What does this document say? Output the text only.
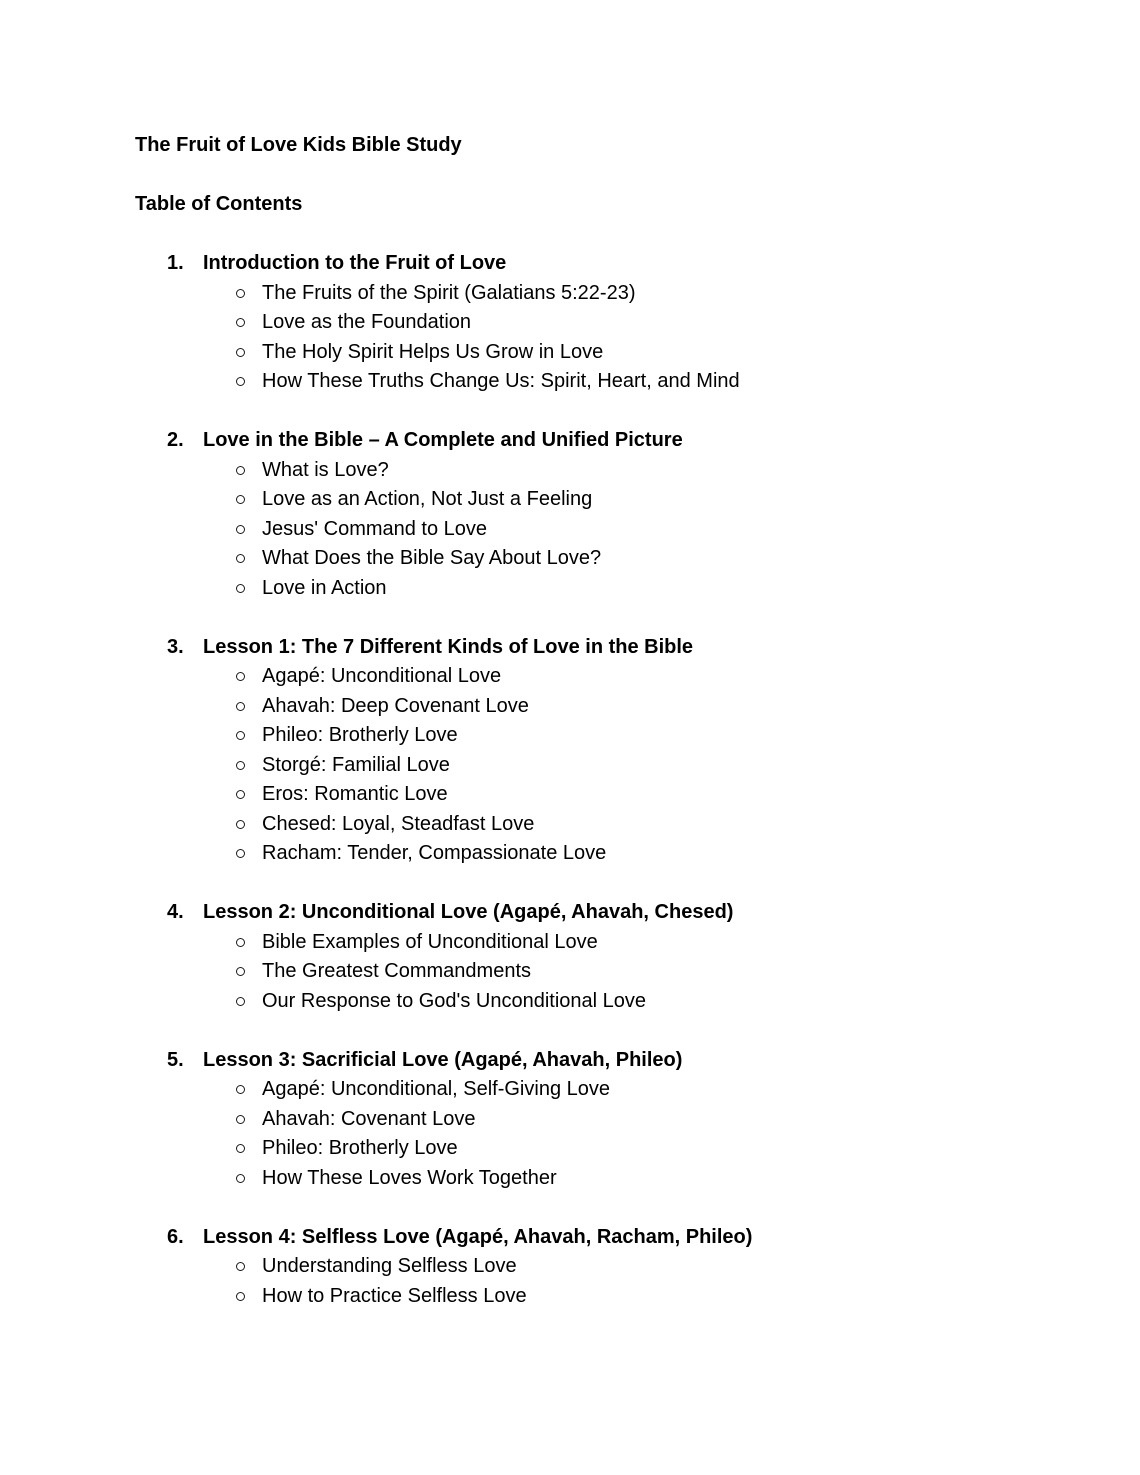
The Fruit of Love Kids Bible Study
Table of Contents
1. Introduction to the Fruit of Love
The Fruits of the Spirit (Galatians 5:22-23)
Love as the Foundation
The Holy Spirit Helps Us Grow in Love
How These Truths Change Us: Spirit, Heart, and Mind
2. Love in the Bible – A Complete and Unified Picture
What is Love?
Love as an Action, Not Just a Feeling
Jesus' Command to Love
What Does the Bible Say About Love?
Love in Action
3. Lesson 1: The 7 Different Kinds of Love in the Bible
Agapé: Unconditional Love
Ahavah: Deep Covenant Love
Phileo: Brotherly Love
Storgé: Familial Love
Eros: Romantic Love
Chesed: Loyal, Steadfast Love
Racham: Tender, Compassionate Love
4. Lesson 2: Unconditional Love (Agapé, Ahavah, Chesed)
Bible Examples of Unconditional Love
The Greatest Commandments
Our Response to God's Unconditional Love
5. Lesson 3: Sacrificial Love (Agapé, Ahavah, Phileo)
Agapé: Unconditional, Self-Giving Love
Ahavah: Covenant Love
Phileo: Brotherly Love
How These Loves Work Together
6. Lesson 4: Selfless Love (Agapé, Ahavah, Racham, Phileo)
Understanding Selfless Love
How to Practice Selfless Love
